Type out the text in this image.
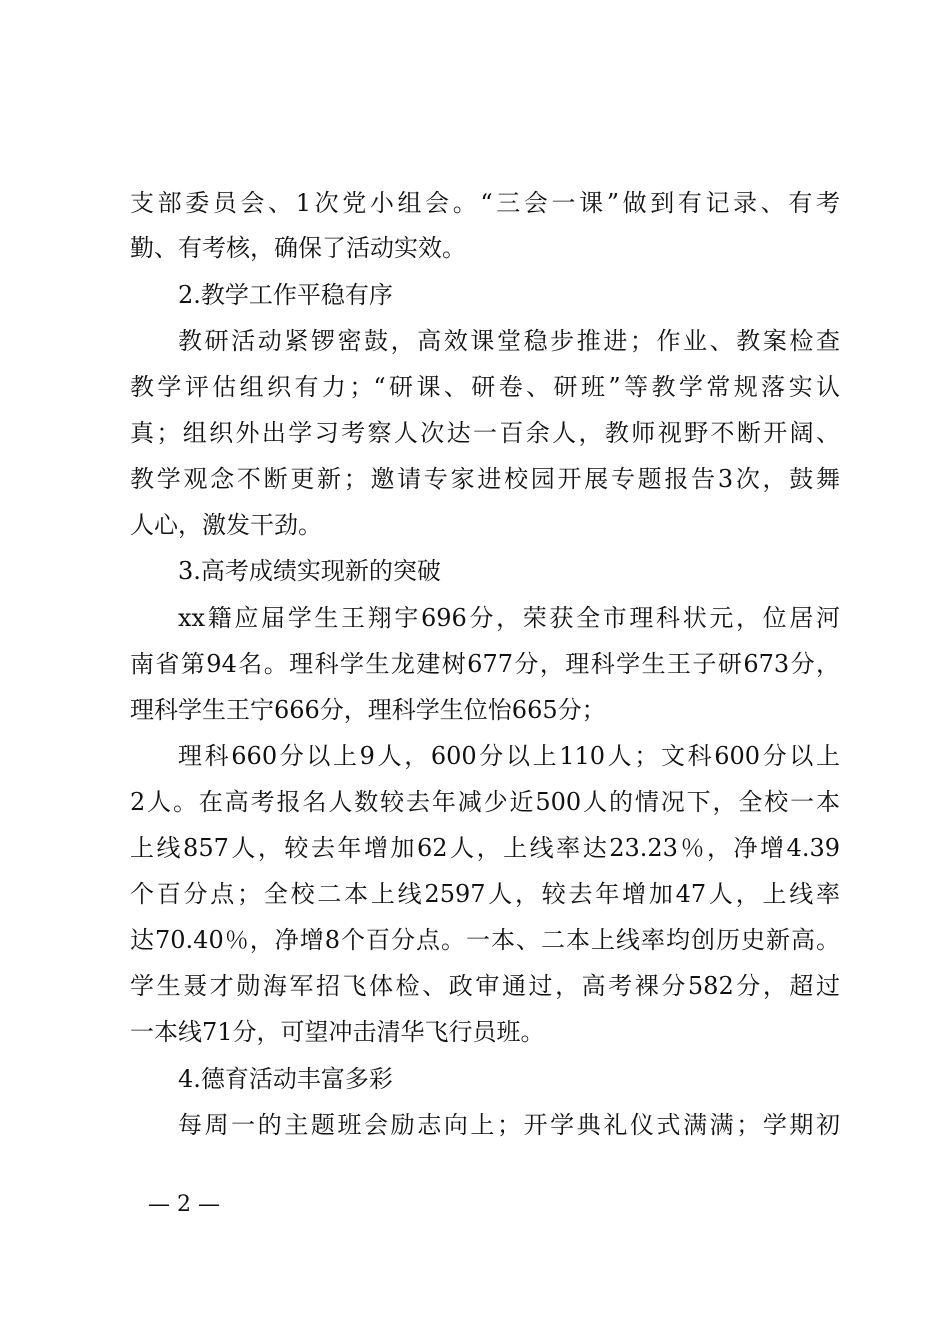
支部委员会、1次党小组会。“三会一课”做到有记录、有考
勤、有考核，确保了活动实效。
2.教学工作平稳有序
教研活动紧锣密鼓，高效课堂稳步推进；作业、教案检查
教学评估组织有力；“研课、研卷、研班”等教学常规落实认
真；组织外出学习考察人次达一百余人，教师视野不断开阔、
教学观念不断更新；邀请专家进校园开展专题报告3次，鼓舞
人心，激发干劲。
3.高考成绩实现新的突破
xx籍应届学生王翔宇696分，荣获全市理科状元，位居河
南省第94名。理科学生龙建树677分，理科学生王子研673分，
理科学生王宁666分，理科学生位怡665分；
理科660分以上9人，600分以上110人；文科600分以上
2人。在高考报名人数较去年减少近500人的情况下，全校一本
上线857人，较去年增加62人，上线率达23.23％，净增4.39
个百分点；全校二本上线2597人，较去年增加47人，上线率
达70.40％，净增8个百分点。一本、二本上线率均创历史新高。
学生聂才勋海军招飞体检、政审通过，高考裸分582分，超过
一本线71分，可望冲击清华飞行员班。
4.德育活动丰富多彩
每周一的主题班会励志向上；开学典礼仪式满满；学期初
— 2 —
